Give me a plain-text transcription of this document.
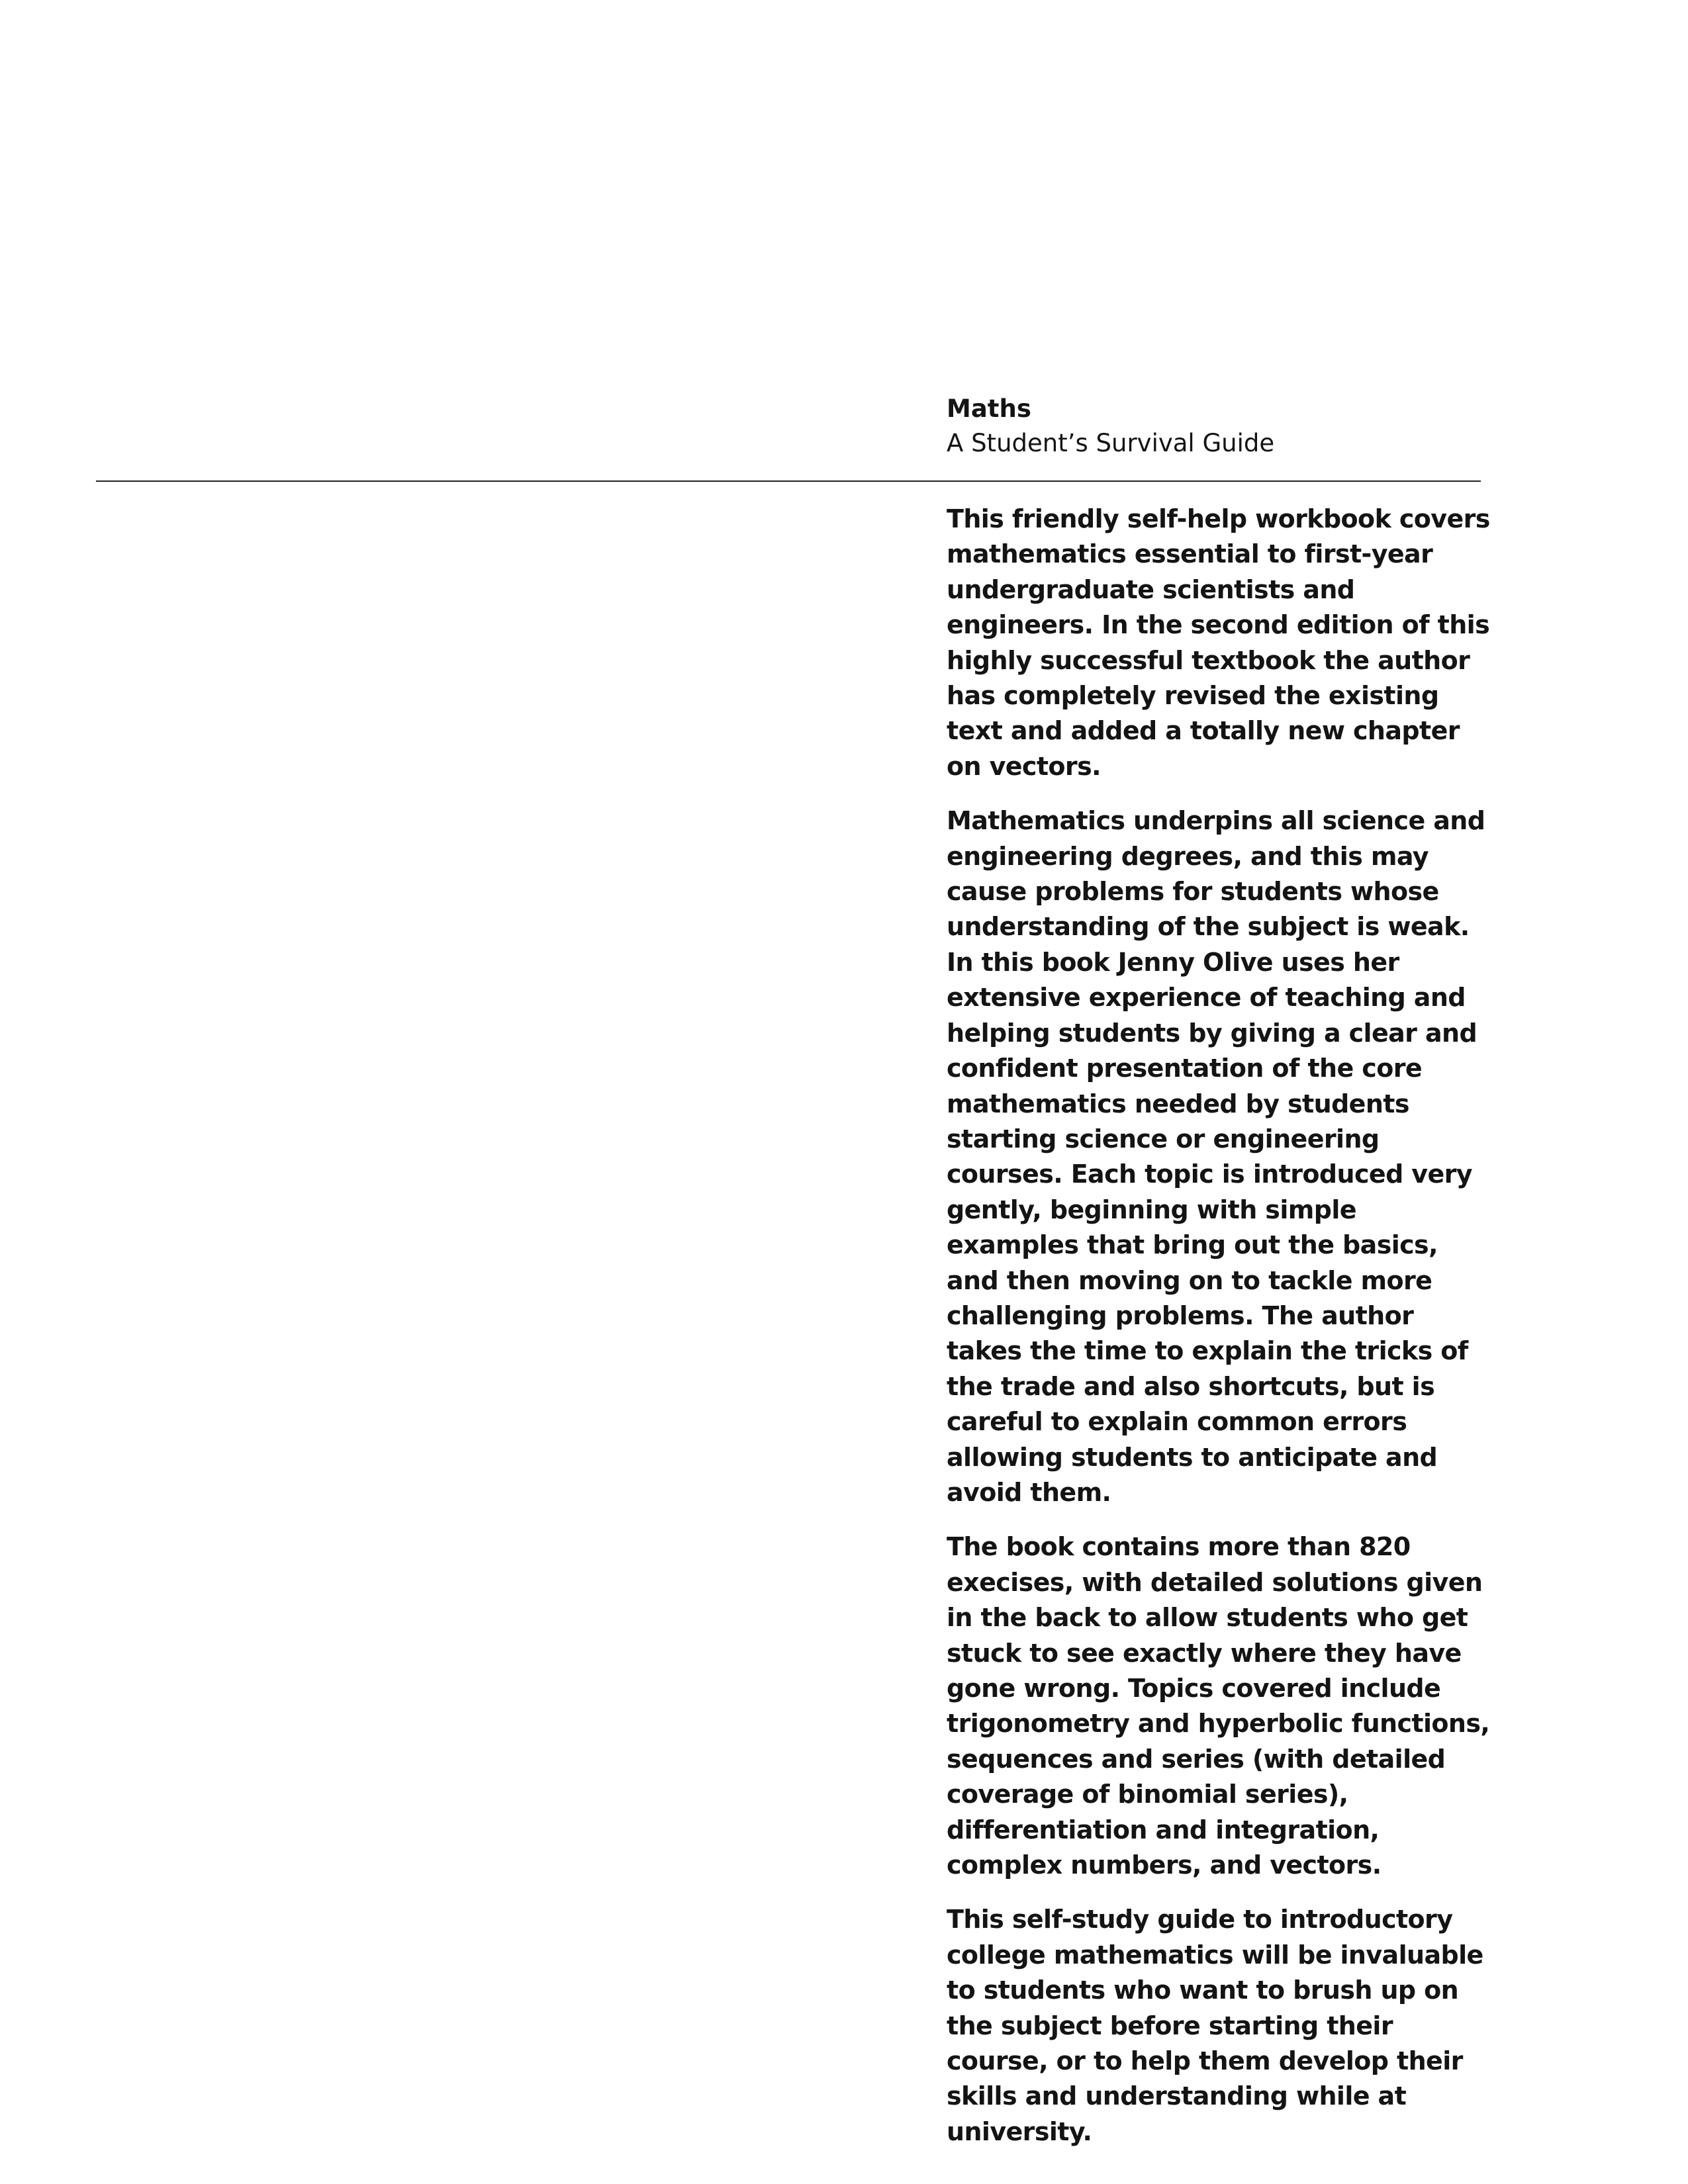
Maths
A Student’s Survival Guide

This friendly self-help workbook covers mathematics essential to first-year undergraduate scientists and engineers. In the second edition of this highly successful textbook the author has completely revised the existing text and added a totally new chapter on vectors.

Mathematics underpins all science and engineering degrees, and this may cause problems for students whose understanding of the subject is weak. In this book Jenny Olive uses her extensive experience of teaching and helping students by giving a clear and confident presentation of the core mathematics needed by students starting science or engineering courses. Each topic is introduced very gently, beginning with simple examples that bring out the basics, and then moving on to tackle more challenging problems. The author takes the time to explain the tricks of the trade and also shortcuts, but is careful to explain common errors allowing students to anticipate and avoid them.

The book contains more than 820 execises, with detailed solutions given in the back to allow students who get stuck to see exactly where they have gone wrong. Topics covered include trigonometry and hyperbolic functions, sequences and series (with detailed coverage of binomial series), differentiation and integration, complex numbers, and vectors.

This self-study guide to introductory college mathematics will be invaluable to students who want to brush up on the subject before starting their course, or to help them develop their skills and understanding while at university.
